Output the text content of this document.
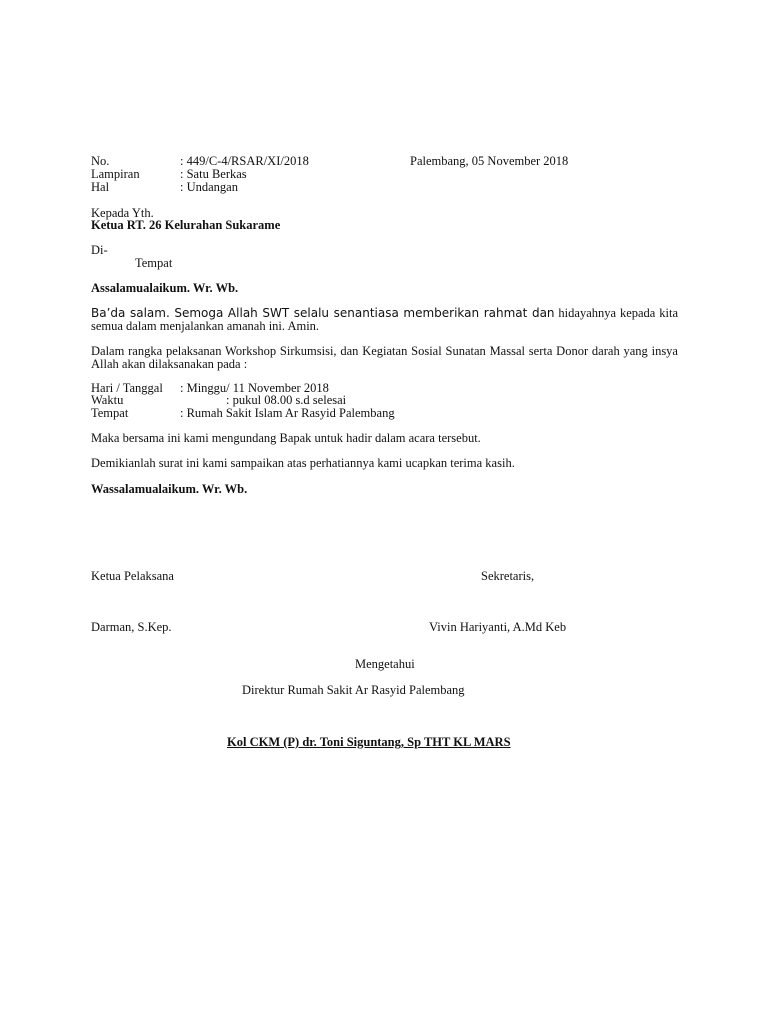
No.	: 449/C-4/RSAR/XI/2018	Palembang, 05 November 2018
Lampiran	: Satu Berkas
Hal	: Undangan
Kepada Yth.
Ketua RT. 26 Kelurahan Sukarame
Di-
Tempat
Assalamualaikum. Wr. Wb.
Ba’da salam. Semoga Allah SWT selalu senantiasa memberikan rahmat dan hidayahnya kepada kita semua dalam menjalankan amanah ini. Amin.
Dalam rangka pelaksanan Workshop Sirkumsisi, dan Kegiatan Sosial Sunatan Massal serta Donor darah yang insya Allah akan dilaksanakan pada :
Hari / Tanggal : Minggu/ 11 November 2018
Waktu	: pukul 08.00 s.d selesai
Tempat	: Rumah Sakit Islam Ar Rasyid Palembang
Maka bersama ini kami mengundang Bapak untuk hadir dalam acara tersebut.
Demikianlah surat ini kami sampaikan atas perhatiannya kami ucapkan terima kasih.
Wassalamualaikum. Wr. Wb.
Ketua Pelaksana	Sekretaris,
Darman, S.Kep.	Vivin Hariyanti, A.Md Keb
Mengetahui
Direktur Rumah Sakit Ar Rasyid Palembang
Kol CKM (P) dr. Toni Siguntang, Sp THT KL MARS
